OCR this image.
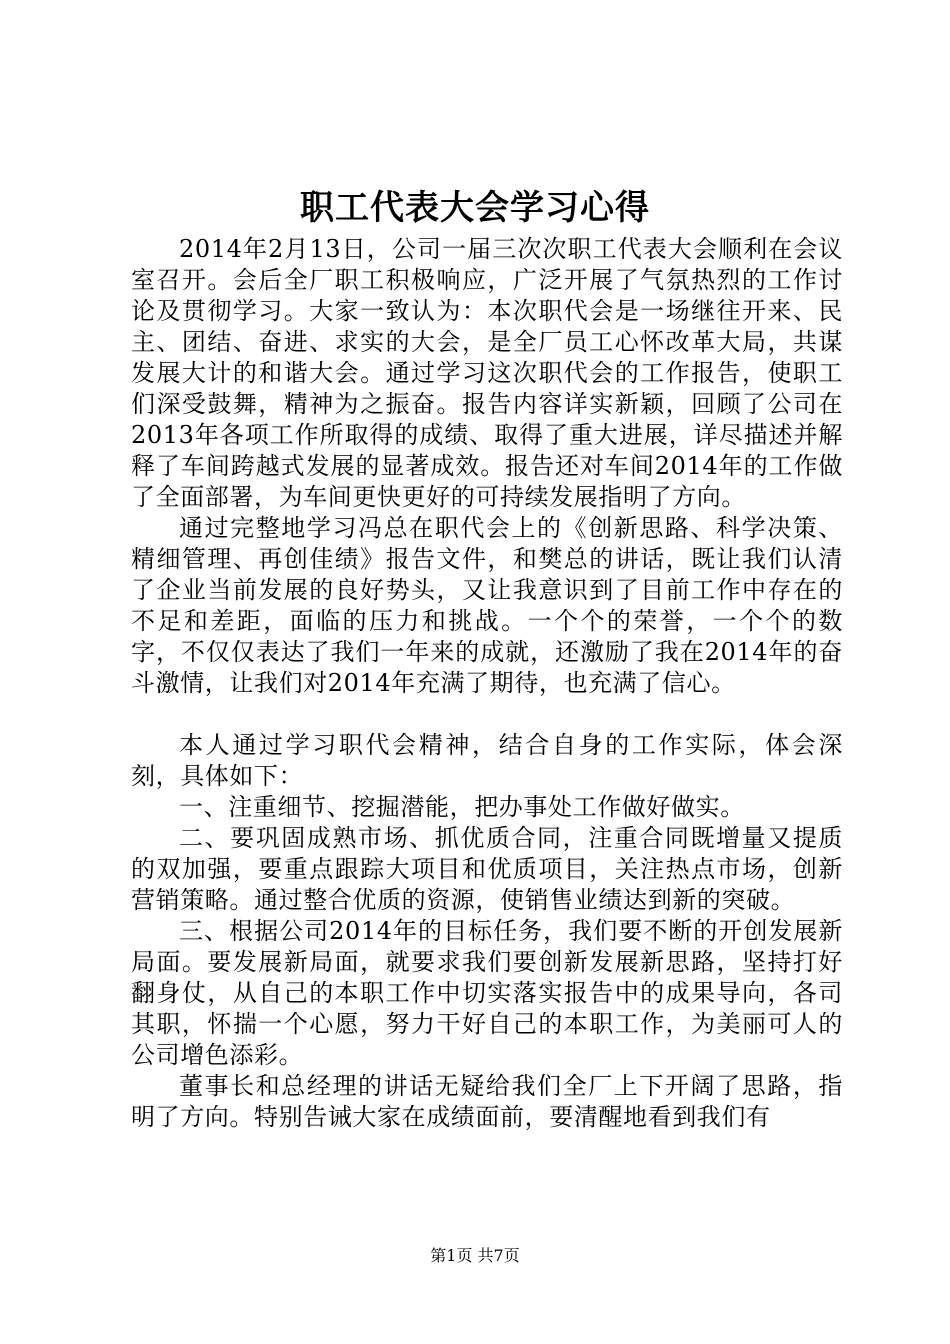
职工代表大会学习心得

2014年2月13日，公司一届三次次职工代表大会顺利在会议室召开。会后全厂职工积极响应，广泛开展了气氛热烈的工作讨论及贯彻学习。大家一致认为：本次职代会是一场继往开来、民主、团结、奋进、求实的大会，是全厂员工心怀改革大局，共谋发展大计的和谐大会。通过学习这次职代会的工作报告，使职工们深受鼓舞，精神为之振奋。报告内容详实新颖，回顾了公司在2013年各项工作所取得的成绩、取得了重大进展，详尽描述并解释了车间跨越式发展的显著成效。报告还对车间2014年的工作做了全面部署，为车间更快更好的可持续发展指明了方向。

通过完整地学习冯总在职代会上的《创新思路、科学决策、精细管理、再创佳绩》报告文件，和樊总的讲话，既让我们认清了企业当前发展的良好势头，又让我意识到了目前工作中存在的不足和差距，面临的压力和挑战。一个个的荣誉，一个个的数字，不仅仅表达了我们一年来的成就，还激励了我在2014年的奋斗激情，让我们对2014年充满了期待，也充满了信心。

本人通过学习职代会精神，结合自身的工作实际，体会深刻，具体如下：

一、注重细节、挖掘潜能，把办事处工作做好做实。

二、要巩固成熟市场、抓优质合同，注重合同既增量又提质的双加强，要重点跟踪大项目和优质项目，关注热点市场，创新营销策略。通过整合优质的资源，使销售业绩达到新的突破。

三、根据公司2014年的目标任务，我们要不断的开创发展新局面。要发展新局面，就要求我们要创新发展新思路，坚持打好翻身仗，从自己的本职工作中切实落实报告中的成果导向，各司其职，怀揣一个心愿，努力干好自己的本职工作，为美丽可人的公司增色添彩。

董事长和总经理的讲话无疑给我们全厂上下开阔了思路，指明了方向。特别告诫大家在成绩面前，要清醒地看到我们有

第1页 共7页
